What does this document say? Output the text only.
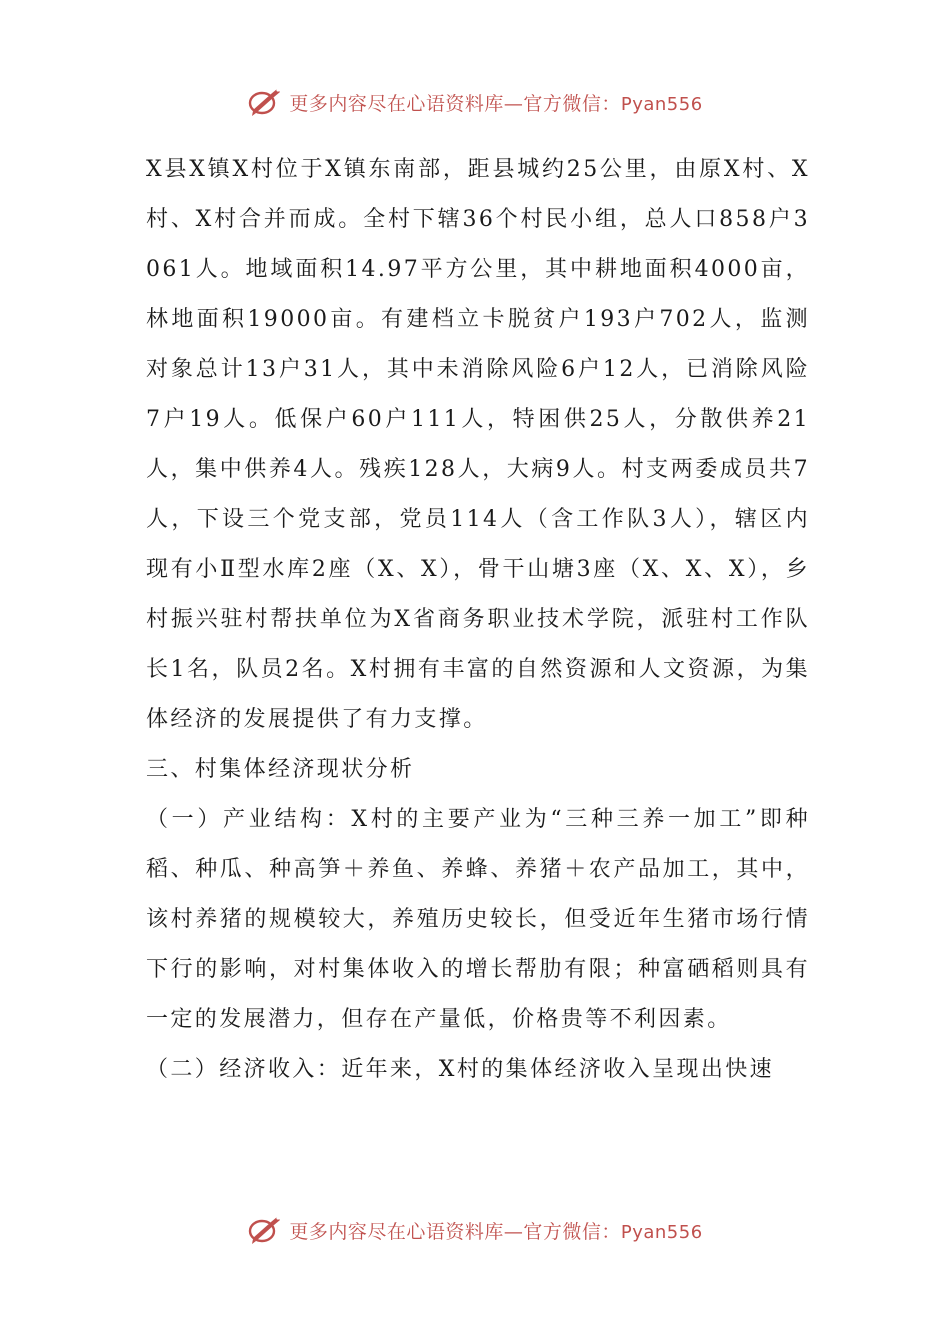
更多内容尽在心语资料库—官方微信：Pyan556

X县X镇X村位于X镇东南部，距县城约25公里，由原X村、X村、X村合并而成。全村下辖36个村民小组，总人口858户3061人。地域面积14.97平方公里，其中耕地面积4000亩，林地面积19000亩。有建档立卡脱贫户193户702人，监测对象总计13户31人，其中未消除风险6户12人，已消除风险7户19人。低保户60户111人，特困供25人，分散供养21人，集中供养4人。残疾128人，大病9人。村支两委成员共7人，下设三个党支部，党员114人（含工作队3人），辖区内现有小Ⅱ型水库2座（X、X），骨干山塘3座（X、X、X），乡村振兴驻村帮扶单位为X省商务职业技术学院，派驻村工作队长1名，队员2名。X村拥有丰富的自然资源和人文资源，为集体经济的发展提供了有力支撑。

三、村集体经济现状分析

（一）产业结构：X村的主要产业为“三种三养一加工”即种稻、种瓜、种高笋＋养鱼、养蜂、养猪＋农产品加工，其中，该村养猪的规模较大，养殖历史较长，但受近年生猪市场行情下行的影响，对村集体收入的增长帮肋有限；种富硒稻则具有一定的发展潜力，但存在产量低，价格贵等不利因素。

（二）经济收入：近年来，X村的集体经济收入呈现出快速

更多内容尽在心语资料库—官方微信：Pyan556
